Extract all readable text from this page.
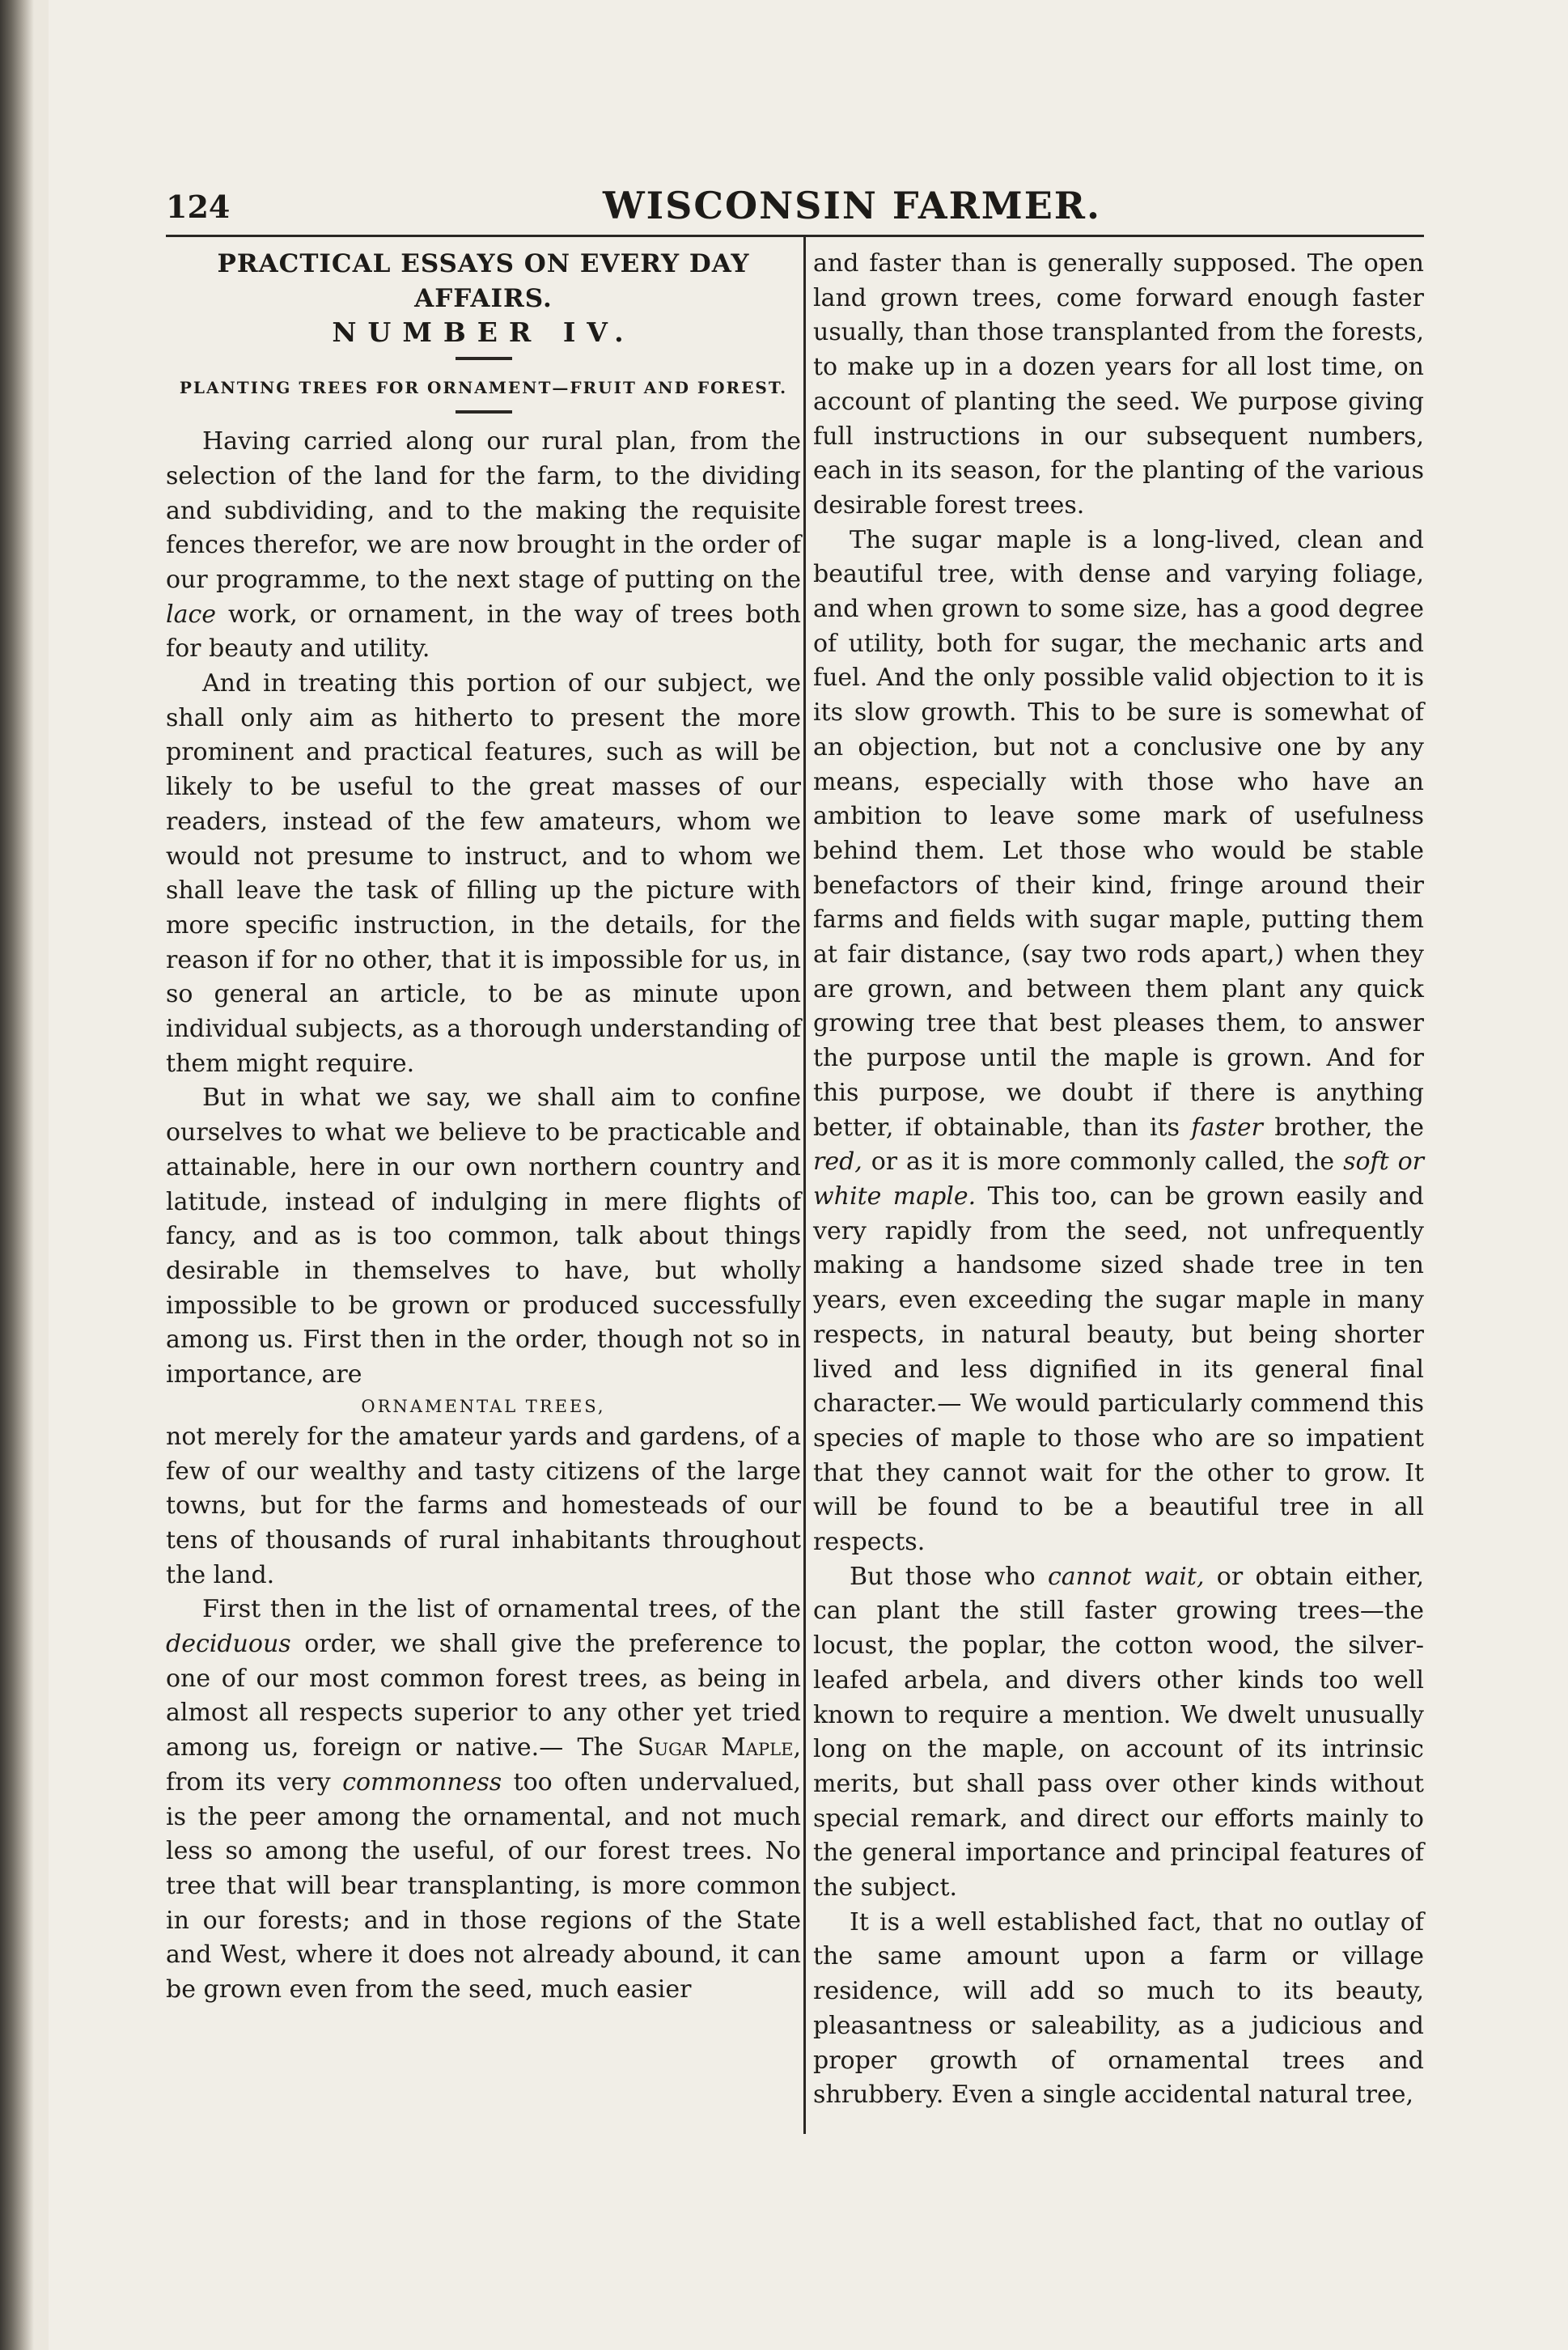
124	WISCONSIN FARMER.

PRACTICAL ESSAYS ON EVERY DAY AFFAIRS.

NUMBER IV.

PLANTING TREES FOR ORNAMENT—FRUIT AND FOREST.

Having carried along our rural plan, from the selection of the land for the farm, to the dividing and subdividing, and to the making the requisite fences therefor, we are now brought in the order of our programme, to the next stage of putting on the lace work, or ornament, in the way of trees both for beauty and utility.

And in treating this portion of our subject, we shall only aim as hitherto to present the more prominent and practical features, such as will be likely to be useful to the great masses of our readers, instead of the few amateurs, whom we would not presume to instruct, and to whom we shall leave the task of filling up the picture with more specific instruction, in the details, for the reason if for no other, that it is impossible for us, in so general an article, to be as minute upon individual subjects, as a thorough understanding of them might require.

But in what we say, we shall aim to confine ourselves to what we believe to be practicable and attainable, here in our own northern country and latitude, instead of indulging in mere flights of fancy, and as is too common, talk about things desirable in themselves to have, but wholly impossible to be grown or produced successfully among us. First then in the order, though not so in importance, are

ORNAMENTAL TREES,

not merely for the amateur yards and gardens, of a few of our wealthy and tasty citizens of the large towns, but for the farms and homesteads of our tens of thousands of rural inhabitants throughout the land.

First then in the list of ornamental trees, of the deciduous order, we shall give the preference to one of our most common forest trees, as being in almost all respects superior to any other yet tried among us, foreign or native.— The Sugar Maple, from its very commonness too often undervalued, is the peer among the ornamental, and not much less so among the useful, of our forest trees. No tree that will bear transplanting, is more common in our forests; and in those regions of the State and West, where it does not already abound, it can be grown even from the seed, much easier

and faster than is generally supposed. The open land grown trees, come forward enough faster usually, than those transplanted from the forests, to make up in a dozen years for all lost time, on account of planting the seed. We purpose giving full instructions in our subsequent numbers, each in its season, for the planting of the various desirable forest trees.

The sugar maple is a long-lived, clean and beautiful tree, with dense and varying foliage, and when grown to some size, has a good degree of utility, both for sugar, the mechanic arts and fuel. And the only possible valid objection to it is its slow growth. This to be sure is somewhat of an objection, but not a conclusive one by any means, especially with those who have an ambition to leave some mark of usefulness behind them. Let those who would be stable benefactors of their kind, fringe around their farms and fields with sugar maple, putting them at fair distance, (say two rods apart,) when they are grown, and between them plant any quick growing tree that best pleases them, to answer the purpose until the maple is grown. And for this purpose, we doubt if there is anything better, if obtainable, than its faster brother, the red, or as it is more commonly called, the soft or white maple. This too, can be grown easily and very rapidly from the seed, not unfrequently making a handsome sized shade tree in ten years, even exceeding the sugar maple in many respects, in natural beauty, but being shorter lived and less dignified in its general final character.— We would particularly commend this species of maple to those who are so impatient that they cannot wait for the other to grow. It will be found to be a beautiful tree in all respects.

But those who cannot wait, or obtain either, can plant the still faster growing trees—the locust, the poplar, the cotton wood, the silver-leafed arbela, and divers other kinds too well known to require a mention. We dwelt unusually long on the maple, on account of its intrinsic merits, but shall pass over other kinds without special remark, and direct our efforts mainly to the general importance and principal features of the subject.

It is a well established fact, that no outlay of the same amount upon a farm or village residence, will add so much to its beauty, pleasantness or saleability, as a judicious and proper growth of ornamental trees and shrubbery. Even a single accidental natural tree,
